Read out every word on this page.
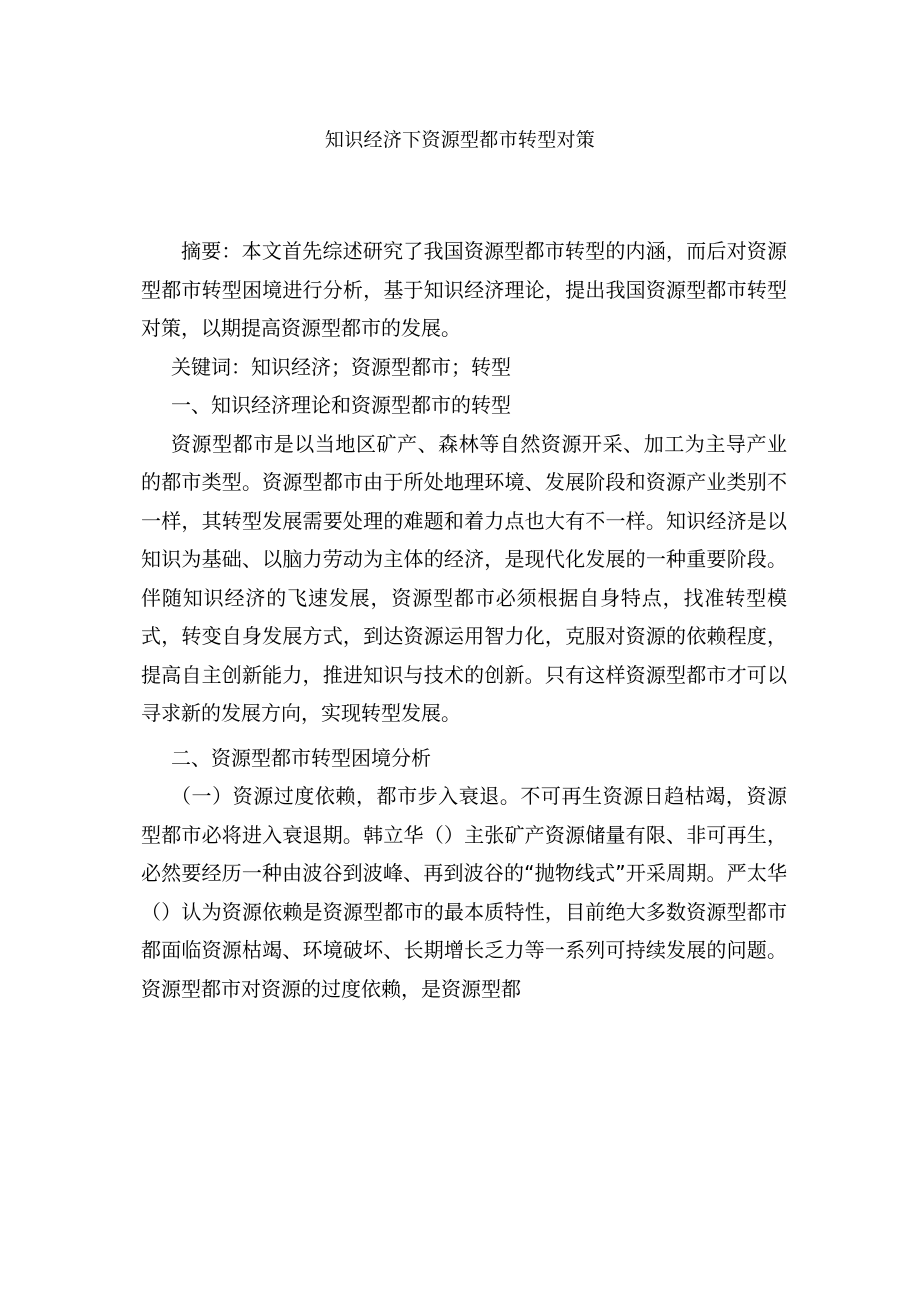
知识经济下资源型都市转型对策

摘要：本文首先综述研究了我国资源型都市转型的内涵，而后对资源型都市转型困境进行分析，基于知识经济理论，提出我国资源型都市转型对策，以期提高资源型都市的发展。

关键词：知识经济；资源型都市；转型

一、知识经济理论和资源型都市的转型

资源型都市是以当地区矿产、森林等自然资源开采、加工为主导产业的都市类型。资源型都市由于所处地理环境、发展阶段和资源产业类别不一样，其转型发展需要处理的难题和着力点也大有不一样。知识经济是以知识为基础、以脑力劳动为主体的经济，是现代化发展的一种重要阶段。伴随知识经济的飞速发展，资源型都市必须根据自身特点，找准转型模式，转变自身发展方式，到达资源运用智力化，克服对资源的依赖程度，提高自主创新能力，推进知识与技术的创新。只有这样资源型都市才可以寻求新的发展方向，实现转型发展。

二、资源型都市转型困境分析

（一）资源过度依赖，都市步入衰退。不可再生资源日趋枯竭，资源型都市必将进入衰退期。韩立华（）主张矿产资源储量有限、非可再生，必然要经历一种由波谷到波峰、再到波谷的“抛物线式”开采周期。严太华（）认为资源依赖是资源型都市的最本质特性，目前绝大多数资源型都市都面临资源枯竭、环境破坏、长期增长乏力等一系列可持续发展的问题。资源型都市对资源的过度依赖，是资源型都
